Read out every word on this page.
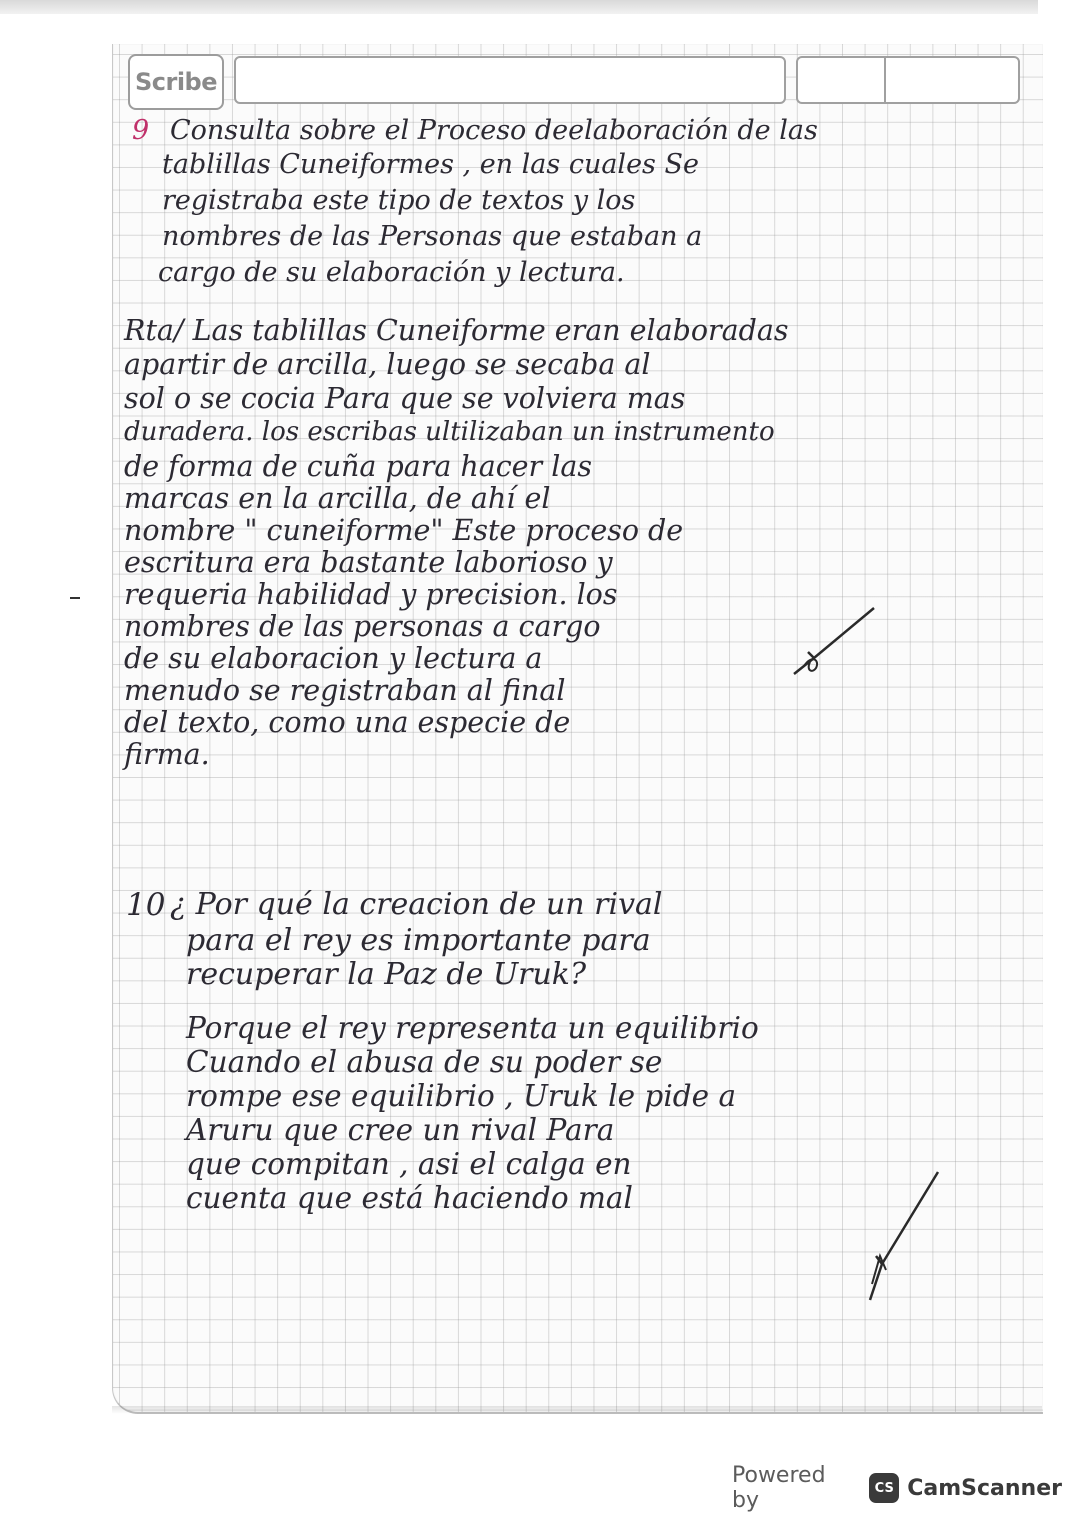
Scribe
9 Consulta sobre el Proceso deelaboración de las
tablillas Cuneiformes , en las cuales Se
registraba este tipo de textos y los
nombres de las Personas que estaban a
cargo de su elaboración y lectura.
Rta/ Las tablillas Cuneiforme eran elaboradas
apartir de arcilla, luego se secaba al
sol o se cocia Para que se volviera mas
duradera. los escribas ultilizaban un instrumento
de forma de cuña para hacer las
marcas en la arcilla, de ahí el
nombre " cuneiforme" Este proceso de
escritura era bastante laborioso y
requeria habilidad y precision. los
nombres de las personas a cargo
de su elaboracion y lectura a
menudo se registraban al final
del texto, como una especie de
firma.
10 ¿ Por qué la creacion de un rival
para el rey es importante para
recuperar la Paz de Uruk?
Porque el rey representa un equilibrio
Cuando el abusa de su poder se
rompe ese equilibrio , Uruk le pide a
Aruru que cree un rival Para
que compitan , asi el calga en
cuenta que está haciendo mal
Powered by	CS CamScanner
